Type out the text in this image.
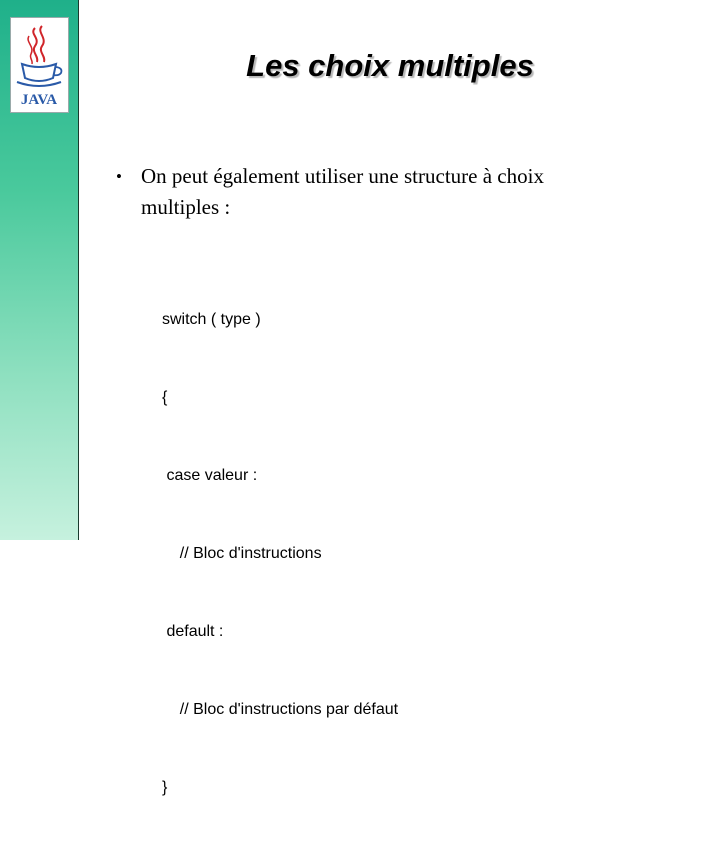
JAVA
Les choix multiples
• On peut également utiliser une structure à choix
multiples :

switch ( type )

{

case valeur :

// Bloc d'instructions

default :

// Bloc d'instructions par défaut

}
